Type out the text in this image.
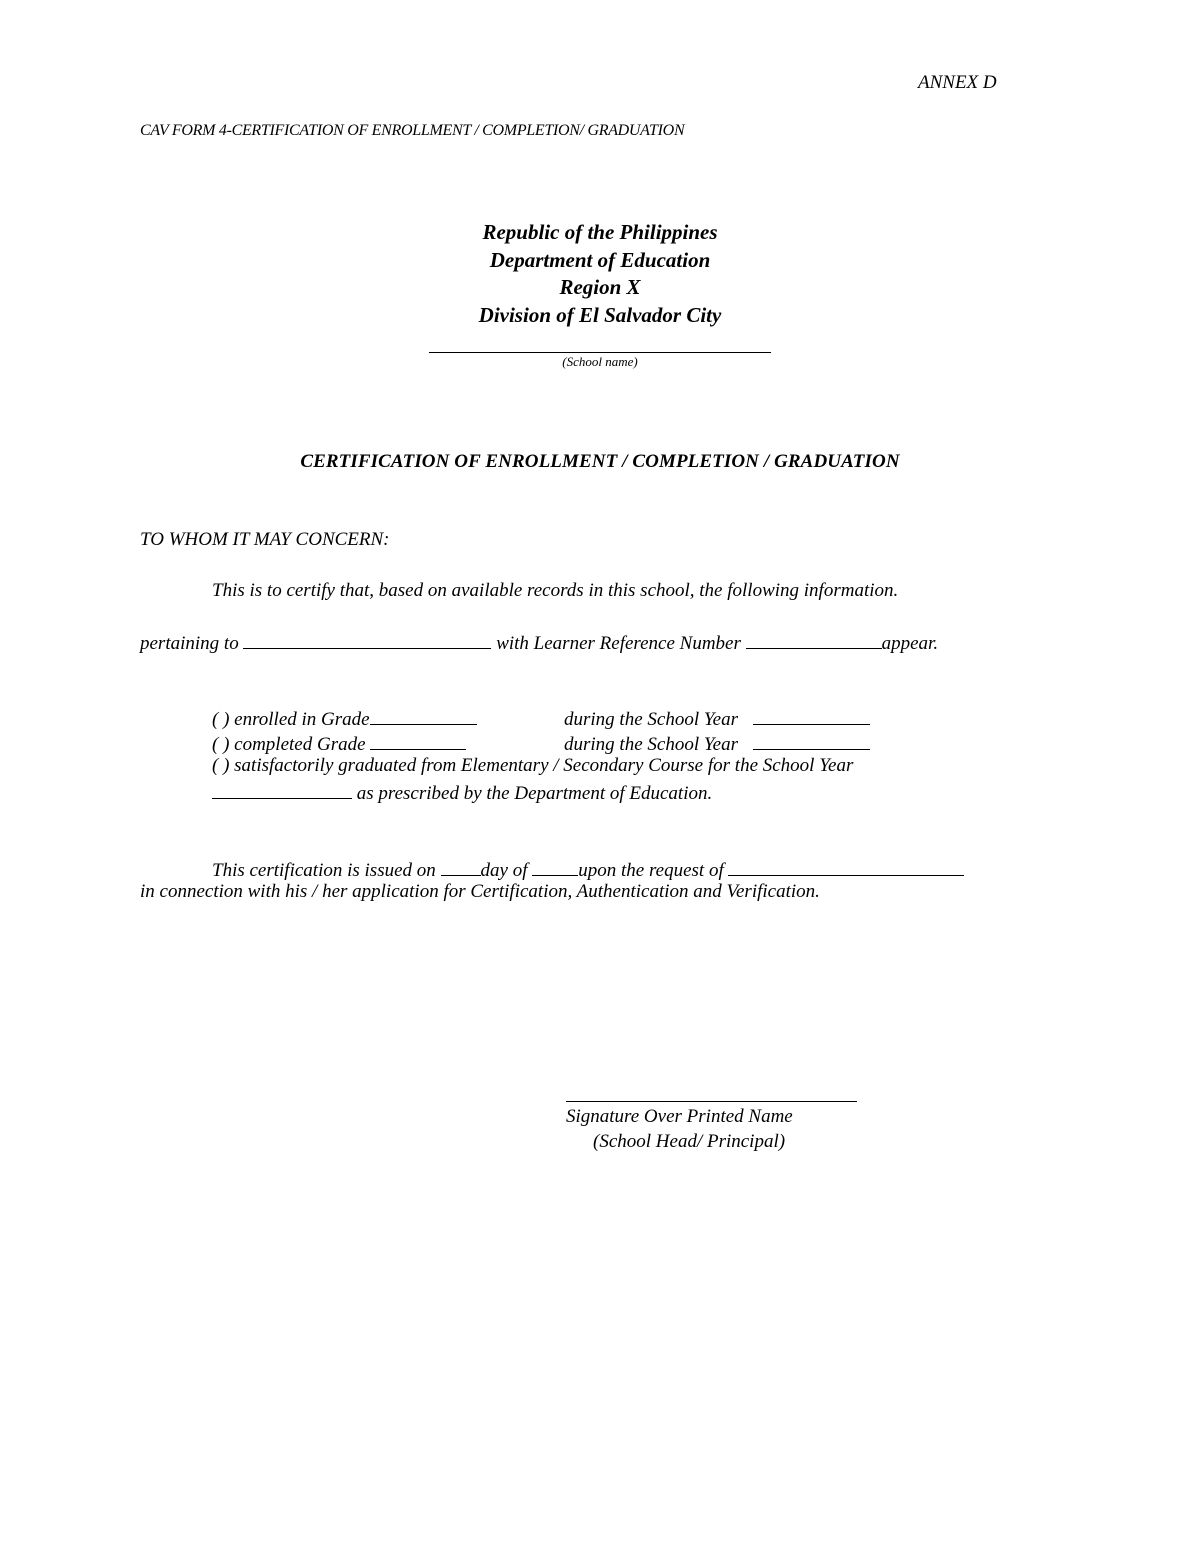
ANNEX D
CAV FORM 4-CERTIFICATION OF ENROLLMENT / COMPLETION/ GRADUATION
Republic of the Philippines
Department of Education
Region X
Division of El Salvador City
(School name)
CERTIFICATION OF ENROLLMENT / COMPLETION / GRADUATION
TO WHOM IT MAY CONCERN:
This is to certify that, based on available records in this school, the following information.
pertaining to	with Learner Reference Number	appear.
( ) enrolled in Grade	during the School Year
( ) completed Grade	during the School Year
( ) satisfactorily graduated from Elementary / Secondary Course for the School Year
as prescribed by the Department of Education.
This certification is issued on day of	upon the request of
in connection with his / her application for Certification, Authentication and Verification.
Signature Over Printed Name
(School Head/ Principal)
